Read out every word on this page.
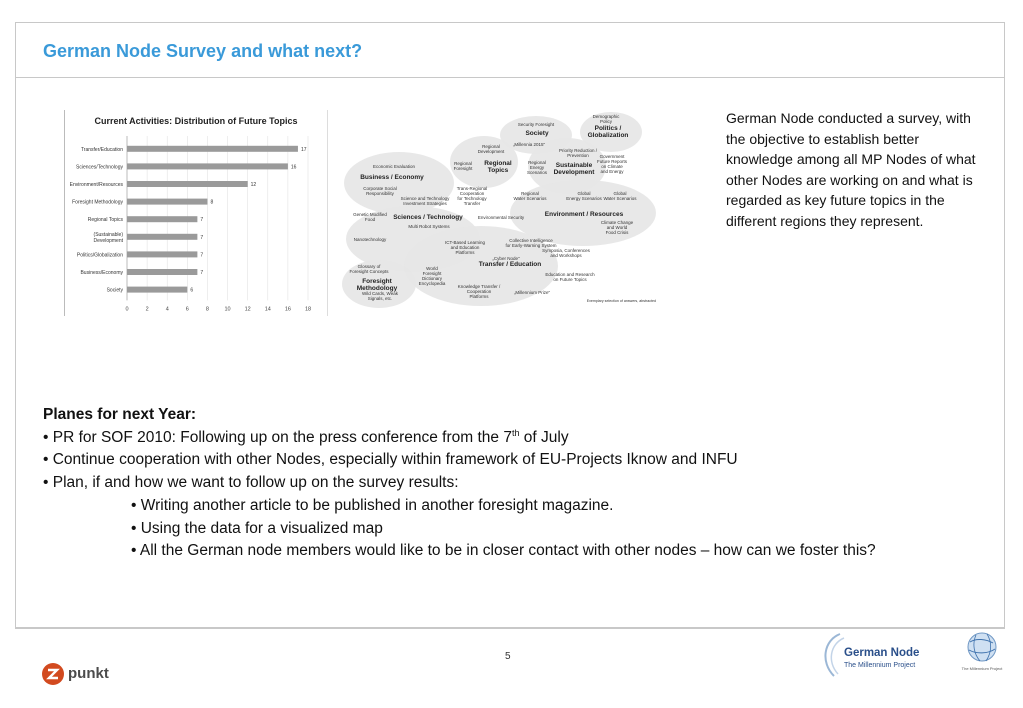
German Node Survey and what next?
Current Activities: Distribution of Future Topics
0	2	4	6	8	10	12	14	16	18
Transfer/Education	17
Sciences/Technology	16
Environment/Resources	12
Foresight Methodology	8
Regional Topics	7
(Sustainable)
Development	7
Politics/Globalization	7
Business/Economy	7
Society	6
Politics /
Globalization
Demographic
Policy
Priority Reduction /
Prevention	Government
Future Reports
on Climate
and Energy
Society
Security Foresight
„Millennia 2015"
Regional
Topics
Regional
Development
Regional
Foresight	Sustainable
Development
Regional
Energy
Scenarios
Business / Economy
Economic Evaluation
Corporate Social
Responsibility
Trans-Regional
Cooperation
for Technology
Transfer
Sciences / Technology
Genetic Modified
Food
Science and Technology
Investment Strategies
Multi Robot Systems
Nanotechnology
Environmental Security	Environment / Resources
Regional
Water Scenarios
Global
Energy Scenarios
Global
Water Scenarios
Climate Change
and World
Food Crisis
Transfer / Education
ICT-Based Learning
and Education
Platforms
Collective Intelligence
for Early-Warning System
„Cyber Node"
Symposia, Conferences
and Workshops
Education and Research
on Future Topics
World
Foresight
Dictionary
Encyclopedia
Knowledge Transfer /
Cooperation
Platforms
„Millennium Prize"
Foresight
Methodology
Glossary of
Foresight Concepts
Wild Cards, Weak
Signals, etc.	Exemplary selection of answers, abstracted
German Node conducted a survey, with the objective to establish better knowledge among all MP Nodes of what other Nodes are working on and what is regarded as key future topics in the different regions they represent.
Planes for next Year:
• PR for SOF 2010: Following up on the press conference from the 7th of July
• Continue cooperation with other Nodes, especially within framework of EU-Projects Iknow and INFU
• Plan, if and how we want to follow up on the survey results:
• Writing another article to be published in another foresight magazine.
• Using the data for a visualized map
• All the German node members would like to be in closer contact with other nodes – how can we foster this?
5
punkt
German Node
The Millennium Project	The Millennium Project
